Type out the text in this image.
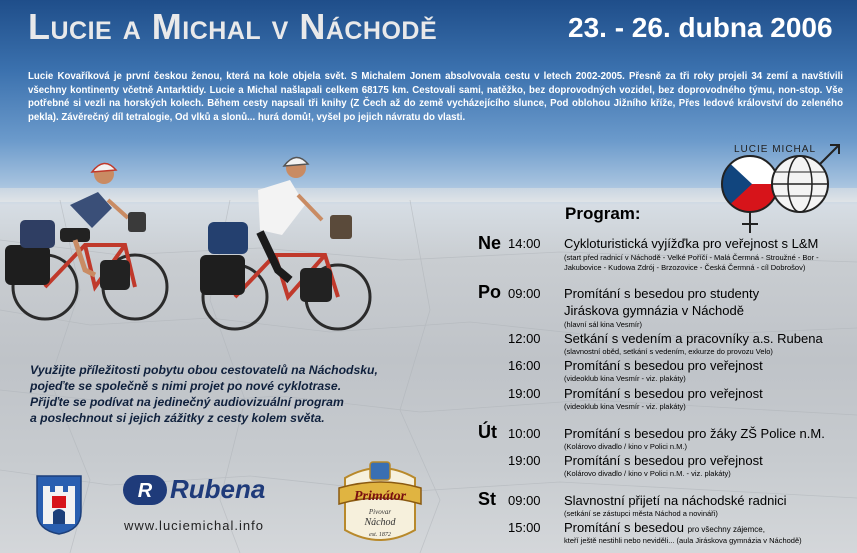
Lucie a Michal v Náchodě	23. - 26. dubna 2006
Lucie Kovaříková je první českou ženou, která na kole objela svět. S Michalem Jonem absolvovala cestu v letech 2002-2005. Přesně za tři roky projeli 34 zemí a navštívili všechny kontinenty včetně Antarktidy. Lucie a Michal našlapali celkem 68175 km. Cestovali sami, natěžko, bez doprovodných vozidel, bez doprovodného týmu, non-stop. Vše potřebné si vezli na horských kolech. Během cesty napsali tři knihy (Z Čech až do země vycházejícího slunce, Pod oblohou Jižního kříže, Přes ledové království do zeleného pekla). Závěrečný díl tetralogie, Od vlků a slonů... hurá domů!, vyšel po jejich návratu do vlasti.
LUCIE MICHAL
Program:
Ne 14:00 Cykloturistická vyjížďka pro veřejnost s L&M
(start před radnicí v Náchodě - Velké Poříčí - Malá Čermná - Stroužné - Bor - Jakubovice - Kudowa Zdrój - Brzozovice - Česká Čermná - cíl Dobrošov)
Po 09:00 Promítání s besedou pro studenty
Jiráskova gymnázia v Náchodě
(hlavní sál kina Vesmír)
12:00 Setkání s vedením a pracovníky a.s. Rubena
(slavnostní oběd, setkání s vedením, exkurze do provozu Velo)
16:00 Promítání s besedou pro veřejnost
(videoklub kina Vesmír - viz. plakáty)
19:00 Promítání s besedou pro veřejnost
(videoklub kina Vesmír - viz. plakáty)
Út 10:00 Promítání s besedou pro žáky ZŠ Police n.M.
(Kolárovo divadlo / kino v Polici n.M.)
19:00 Promítání s besedou pro veřejnost
(Kolárovo divadlo / kino v Polici n.M. - viz. plakáty)
St 09:00 Slavnostní přijetí na náchodské radnici
(setkání se zástupci města Náchod a novináři)
15:00 Promítání s besedou pro všechny zájemce,
kteří ještě nestihli nebo neviděli... (aula Jiráskova gymnázia v Náchodě)
Využijte příležitosti pobytu obou cestovatelů na Náchodsku,
pojeďte se společně s nimi projet po nové cyklotrase.
Přijďte se podívat na jedinečný audiovizuální program
a poslechnout si jejich zážitky z cesty kolem světa.
R Rubena
www.luciemichal.info
Primátor
Pivovar
Náchod
est. 1872
